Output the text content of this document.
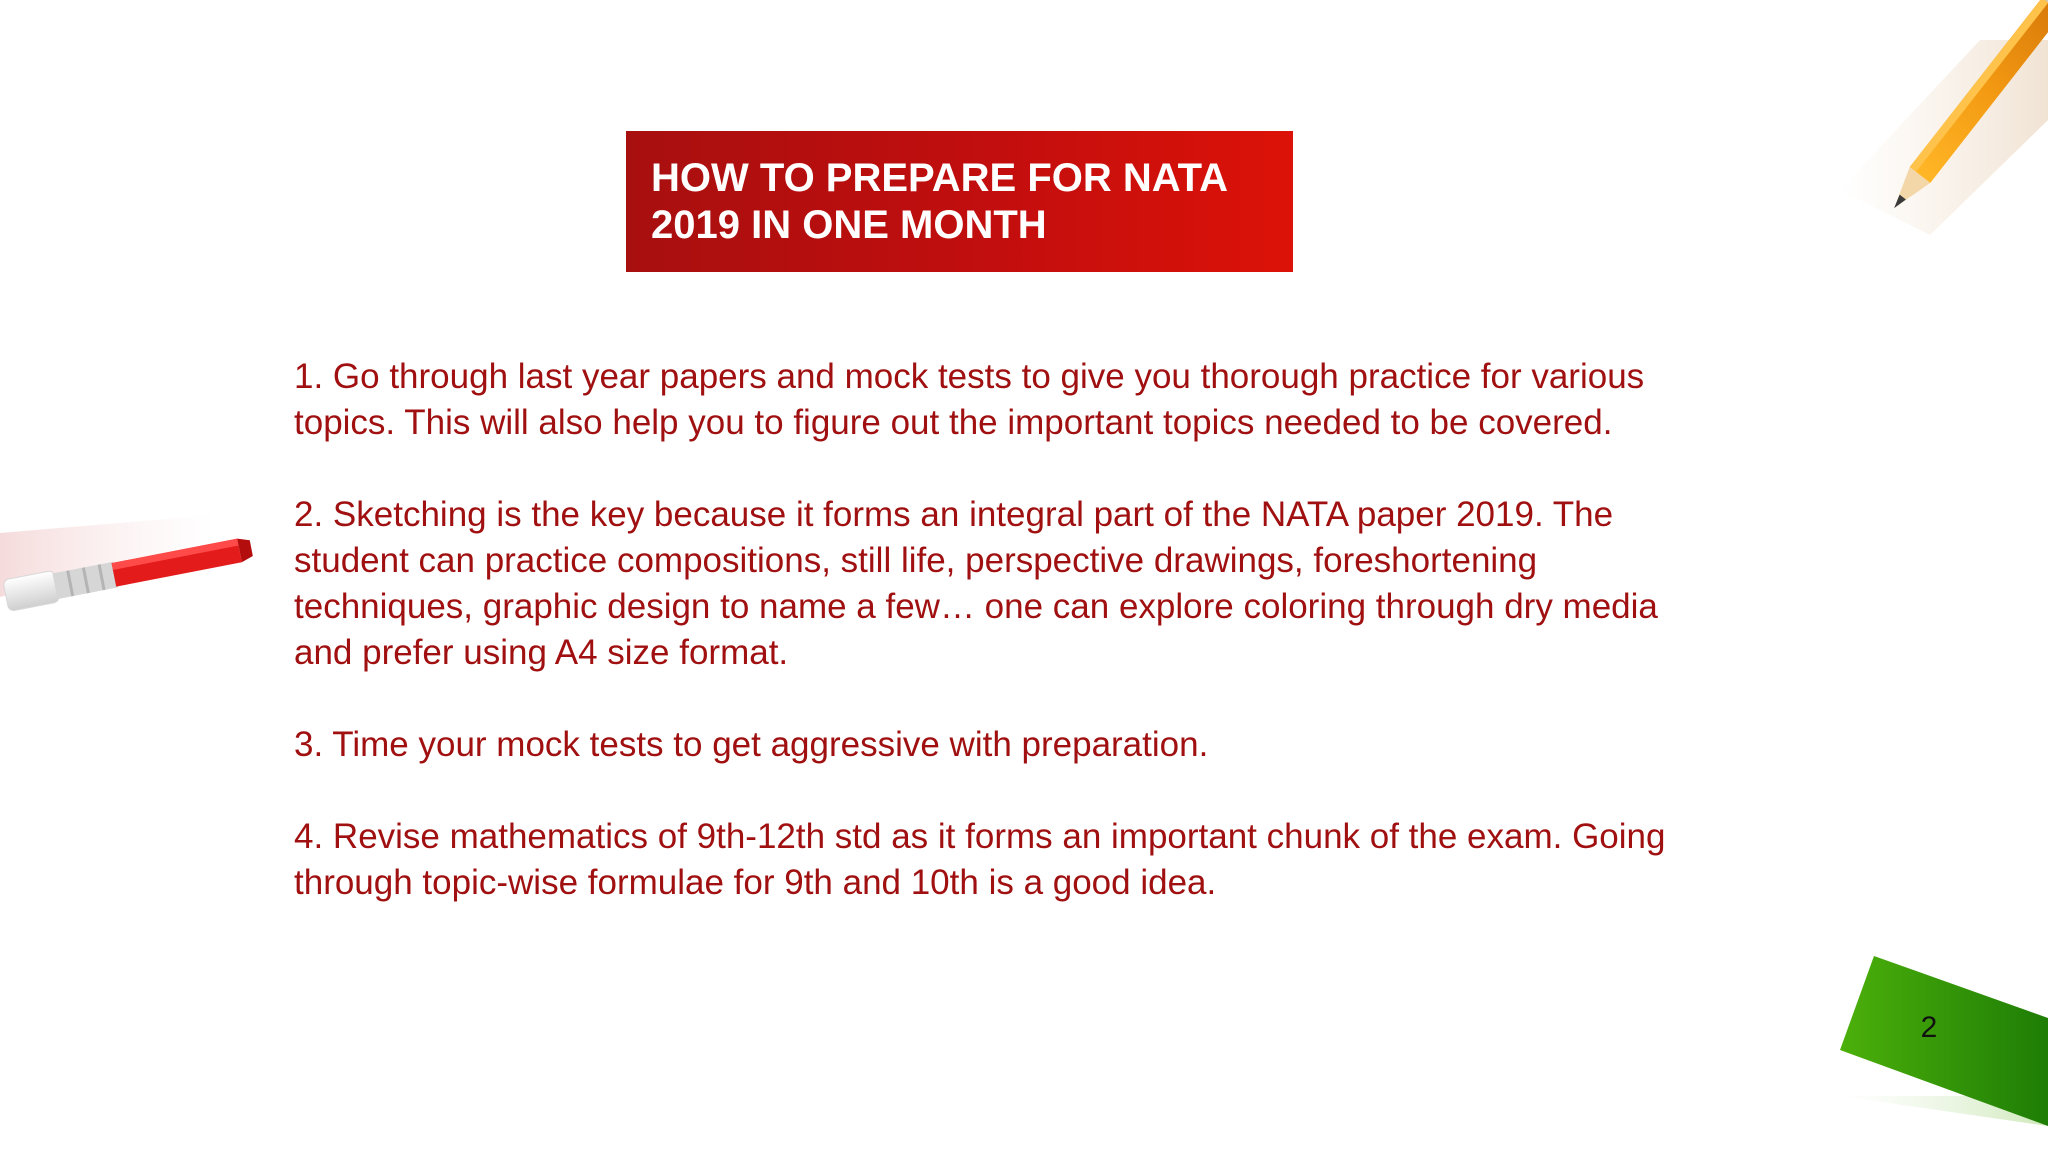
HOW TO PREPARE FOR NATA
2019 IN ONE MONTH

1. Go through last year papers and mock tests to give you thorough practice for various
topics. This will also help you to figure out the important topics needed to be covered.

2. Sketching is the key because it forms an integral part of the NATA paper 2019. The
student can practice compositions, still life, perspective drawings, foreshortening
techniques, graphic design to name a few… one can explore coloring through dry media
and prefer using A4 size format.

3. Time your mock tests to get aggressive with preparation.

4. Revise mathematics of 9th-12th std as it forms an important chunk of the exam. Going
through topic-wise formulae for 9th and 10th is a good idea.

2
